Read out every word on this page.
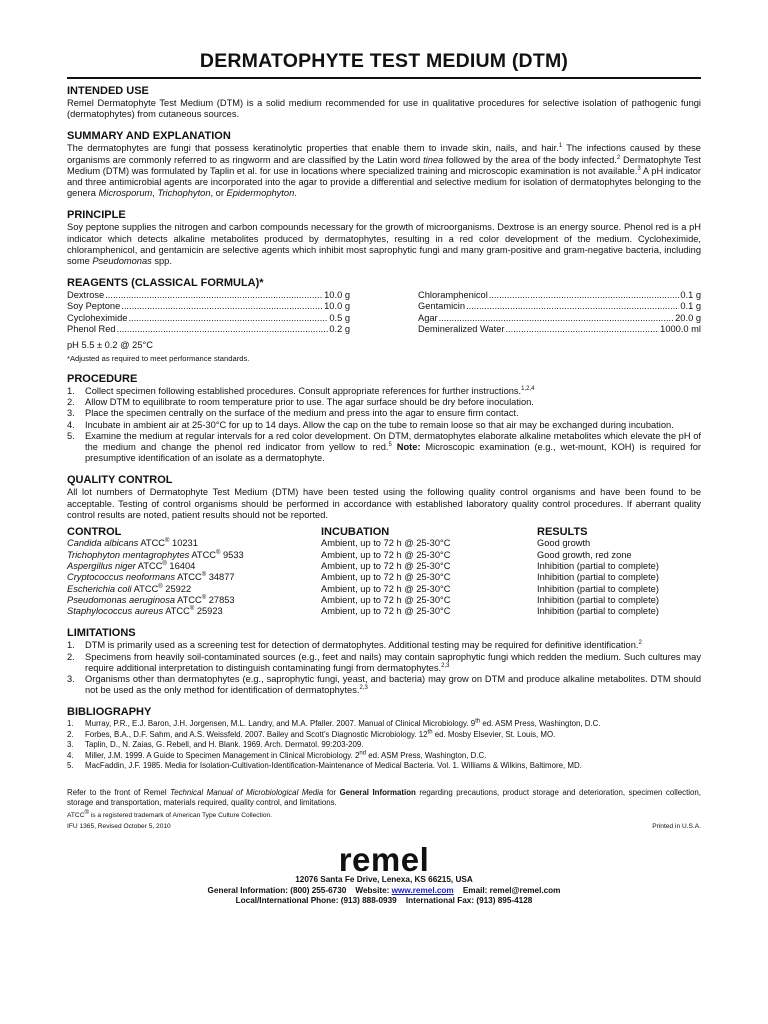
DERMATOPHYTE TEST MEDIUM (DTM)
INTENDED USE

Remel Dermatophyte Test Medium (DTM) is a solid medium recommended for use in qualitative procedures for selective isolation of pathogenic fungi (dermatophytes) from cutaneous sources.

SUMMARY AND EXPLANATION

The dermatophytes are fungi that possess keratinolytic properties that enable them to invade skin, nails, and hair.$^1$ The infections caused by these organisms are commonly referred to as ringworm and are classified by the Latin word tinea followed by the area of the body infected.$^2$ Dermatophyte Test Medium (DTM) was formulated by Taplin et al. for use in locations where specialized training and microscopic examination is not available.$^3$ A pH indicator and three antimicrobial agents are incorporated into the agar to provide a differential and selective medium for isolation of dermatophytes belonging to the genera Microsporum, Trichophyton, or Epidermophyton.

PRINCIPLE

Soy peptone supplies the nitrogen and carbon compounds necessary for the growth of microorganisms. Dextrose is an energy source. Phenol red is a pH indicator which detects alkaline metabolites produced by dermatophytes, resulting in a red color development of the medium. Cycloheximide, chloramphenicol, and gentamicin are selective agents which inhibit most saprophytic fungi and many gram-positive and gram-negative bacteria, including some Pseudomonas spp.

REAGENTS (CLASSICAL FORMULA)*
Dextrose .....	10.0 g
Soy Peptone .....	10.0 g
Cycloheximide .....	0.5 g
Phenol Red .....	0.2 g
Chloramphenicol .....	0.1 g
Gentamicin .....	0.1 g
Agar .....	20.0 g
Demineralized Water .....	1000.0 ml
pH 5.5 ± 0.2 @ 25°C
*Adjusted as required to meet performance standards.
PROCEDURE
1.	Collect specimen following established procedures. Consult appropriate references for further instructions.$^{1,2,4}$
2.	Allow DTM to equilibrate to room temperature prior to use. The agar surface should be dry before inoculation.
3.	Place the specimen centrally on the surface of the medium and press into the agar to ensure firm contact.
4.	Incubate in ambient air at 25-30°C for up to 14 days. Allow the cap on the tube to remain loose so that air may be exchanged during incubation.
5.	Examine the medium at regular intervals for a red color development. On DTM, dermatophytes elaborate alkaline metabolites which elevate the pH of the medium and change the phenol red indicator from yellow to red.$^5$ Note: Microscopic examination (e.g., wet-mount, KOH) is required for presumptive identification of an isolate as a dermatophyte.
QUALITY CONTROL

All lot numbers of Dermatophyte Test Medium (DTM) have been tested using the following quality control organisms and have been found to be acceptable. Testing of control organisms should be performed in accordance with established laboratory quality control procedures. If aberrant quality control results are noted, patient results should not be reported.

CONTROL	INCUBATION	RESULTS
Candida albicans ATCC® 10231	Ambient, up to 72 h @ 25-30°C	Good growth
Trichophyton mentagrophytes ATCC® 9533	Ambient, up to 72 h @ 25-30°C	Good growth, red zone
Aspergillus niger ATCC® 16404	Ambient, up to 72 h @ 25-30°C	Inhibition (partial to complete)
Cryptococcus neoformans ATCC® 34877	Ambient, up to 72 h @ 25-30°C	Inhibition (partial to complete)
Escherichia coli ATCC® 25922	Ambient, up to 72 h @ 25-30°C	Inhibition (partial to complete)
Pseudomonas aeruginosa ATCC® 27853	Ambient, up to 72 h @ 25-30°C	Inhibition (partial to complete)
Staphylococcus aureus ATCC® 25923	Ambient, up to 72 h @ 25-30°C	Inhibition (partial to complete)
LIMITATIONS
1.	DTM is primarily used as a screening test for detection of dermatophytes. Additional testing may be required for definitive identification.$^2$
2.	Specimens from heavily soil-contaminated sources (e.g., feet and nails) may contain saprophytic fungi which redden the medium. Such cultures may require additional interpretation to distinguish contaminating fungi from dermatophytes.$^{2,3}$
3.	Organisms other than dermatophytes (e.g., saprophytic fungi, yeast, and bacteria) may grow on DTM and produce alkaline metabolites. DTM should not be used as the only method for identification of dermatophytes.$^{2,3}$
BIBLIOGRAPHY
1.	Murray, P.R., E.J. Baron, J.H. Jorgensen, M.L. Landry, and M.A. Pfaller. 2007. Manual of Clinical Microbiology. 9th ed. ASM Press, Washington, D.C.
2.	Forbes, B.A., D.F. Sahm, and A.S. Weissfeld. 2007. Bailey and Scott’s Diagnostic Microbiology. 12th ed. Mosby Elsevier, St. Louis, MO.
3.	Taplin, D., N. Zaias, G. Rebell, and H. Blank. 1969. Arch. Dermatol. 99:203-209.
4.	Miller, J.M. 1999. A Guide to Specimen Management in Clinical Microbiology. 2nd ed. ASM Press, Washington, D.C.
5.	MacFaddin, J.F. 1985. Media for Isolation-Cultivation-Identification-Maintenance of Medical Bacteria. Vol. 1. Williams & Wilkins, Baltimore, MD.

Refer to the front of Remel Technical Manual of Microbiological Media for General Information regarding precautions, product storage and deterioration, specimen collection, storage and transportation, materials required, quality control, and limitations.

ATCC® is a registered trademark of American Type Culture Collection.
IFU 1365, Revised October 5, 2010	Printed in U.S.A.
remel
12076 Santa Fe Drive, Lenexa, KS 66215, USA
General Information: (800) 255-6730 Website: www.remel.com Email: remel@remel.com
Local/International Phone: (913) 888-0939 International Fax: (913) 895-4128
